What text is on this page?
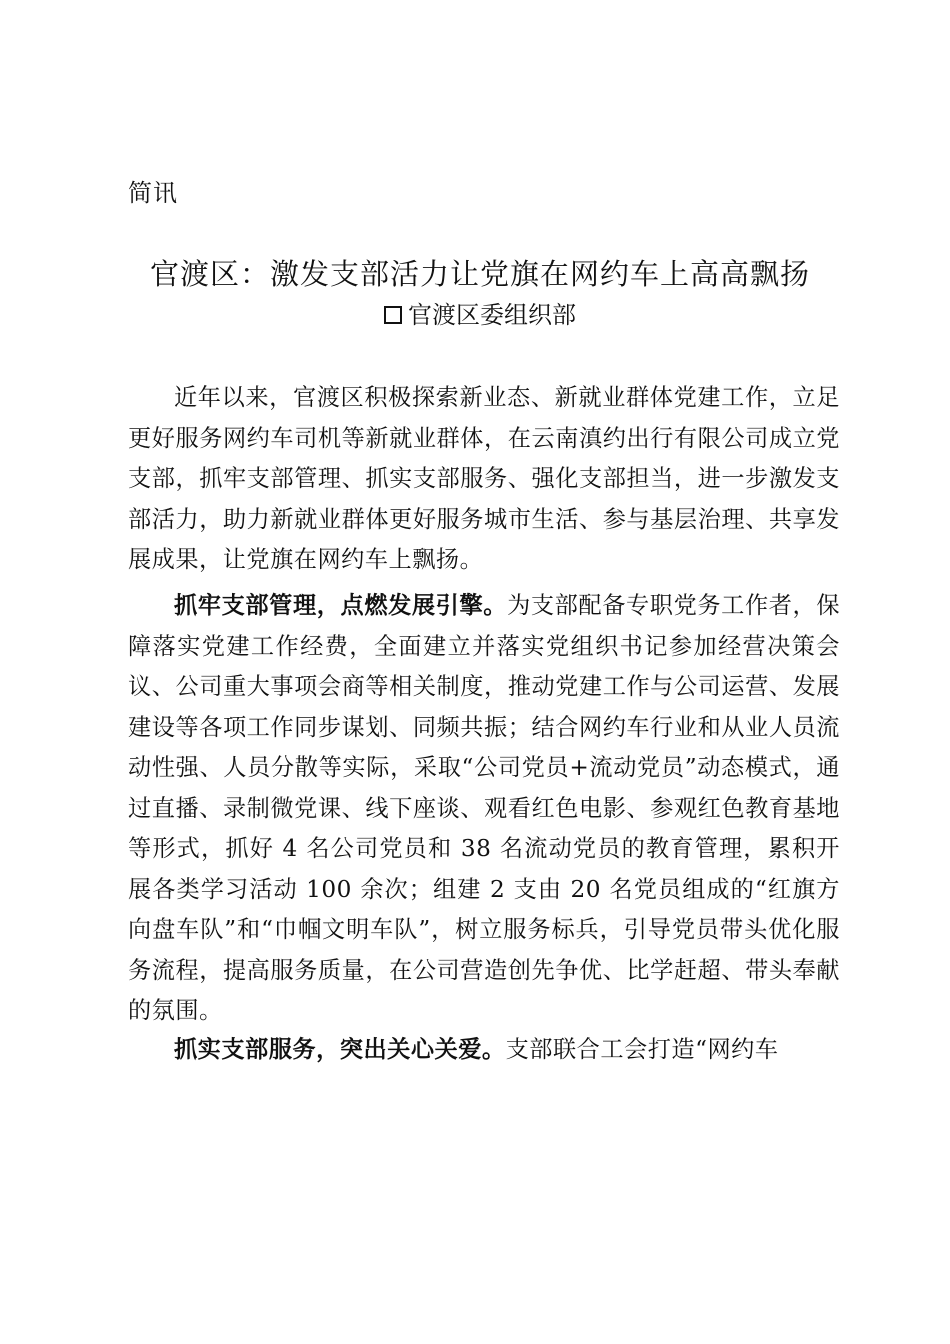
简讯
官渡区：激发支部活力让党旗在网约车上高高飘扬
官渡区委组织部

近年以来，官渡区积极探索新业态、新就业群体党建工作，立足更好服务网约车司机等新就业群体，在云南滇约出行有限公司成立党支部，抓牢支部管理、抓实支部服务、强化支部担当，进一步激发支部活力，助力新就业群体更好服务城市生活、参与基层治理、共享发展成果，让党旗在网约车上飘扬。

抓牢支部管理，点燃发展引擎。为支部配备专职党务工作者，保障落实党建工作经费，全面建立并落实党组织书记参加经营决策会议、公司重大事项会商等相关制度，推动党建工作与公司运营、发展建设等各项工作同步谋划、同频共振；结合网约车行业和从业人员流动性强、人员分散等实际，采取“公司党员+流动党员”动态模式，通过直播、录制微党课、线下座谈、观看红色电影、参观红色教育基地等形式，抓好 4 名公司党员和 38 名流动党员的教育管理，累积开展各类学习活动 100 余次；组建 2 支由 20 名党员组成的“红旗方向盘车队”和“巾帼文明车队”，树立服务标兵，引导党员带头优化服务流程，提高服务质量，在公司营造创先争优、比学赶超、带头奉献的氛围。

抓实支部服务，突出关心关爱。支部联合工会打造“网约车
